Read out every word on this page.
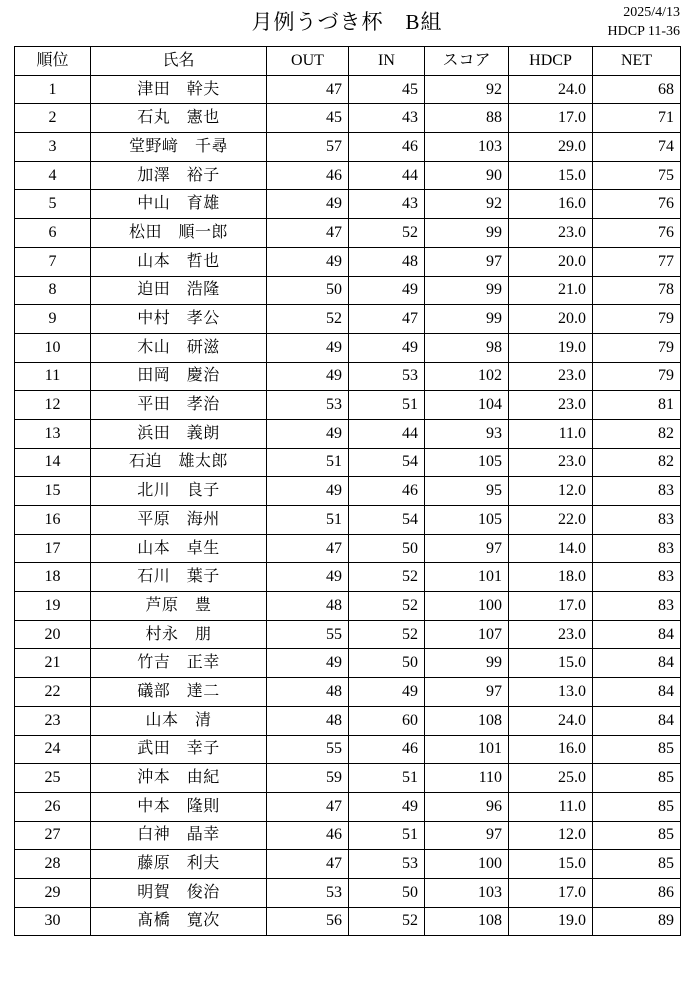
月例うづき杯　B組	2025/4/13
HDCP 11-36
順位	氏名	OUT	IN	スコア	HDCP	NET
1	津田　幹夫	47	45	92	24.0	68
2	石丸　憲也	45	43	88	17.0	71
3	堂野﨑　千尋	57	46	103	29.0	74
4	加澤　裕子	46	44	90	15.0	75
5	中山　育雄	49	43	92	16.0	76
6	松田　順一郎	47	52	99	23.0	76
7	山本　哲也	49	48	97	20.0	77
8	迫田　浩隆	50	49	99	21.0	78
9	中村　孝公	52	47	99	20.0	79
10	木山　研滋	49	49	98	19.0	79
11	田岡　慶治	49	53	102	23.0	79
12	平田　孝治	53	51	104	23.0	81
13	浜田　義朗	49	44	93	11.0	82
14	石迫　雄太郎	51	54	105	23.0	82
15	北川　良子	49	46	95	12.0	83
16	平原　海州	51	54	105	22.0	83
17	山本　卓生	47	50	97	14.0	83
18	石川　葉子	49	52	101	18.0	83
19	芦原　豊	48	52	100	17.0	83
20	村永　朋	55	52	107	23.0	84
21	竹吉　正幸	49	50	99	15.0	84
22	礒部　達二	48	49	97	13.0	84
23	山本　清	48	60	108	24.0	84
24	武田　幸子	55	46	101	16.0	85
25	沖本　由紀	59	51	110	25.0	85
26	中本　隆則	47	49	96	11.0	85
27	白神　晶幸	46	51	97	12.0	85
28	藤原　利夫	47	53	100	15.0	85
29	明賀　俊治	53	50	103	17.0	86
30	髙橋　寛次	56	52	108	19.0	89
